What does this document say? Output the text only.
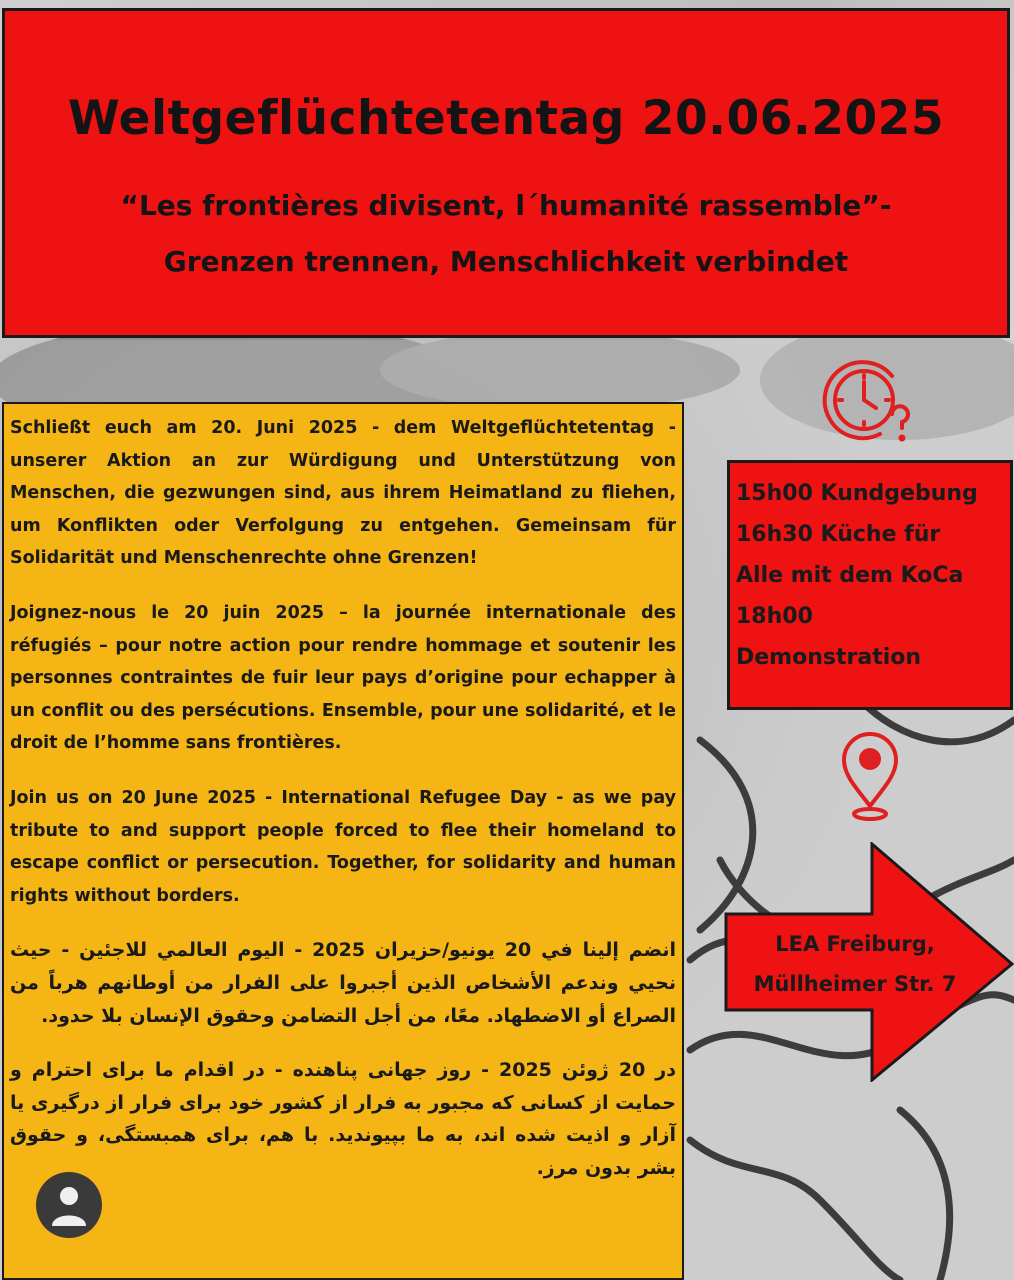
Weltgeflüchtetentag 20.06.2025
“Les frontières divisent, l´humanité rassemble”-
Grenzen trennen, Menschlichkeit verbindet
15h00 Kundgebung
16h30 Küche für
Alle mit dem KoCa
18h00
Demonstration
LEA Freiburg,
Müllheimer Str. 7

Schließt euch am 20. Juni 2025 - dem Weltgeflüchtetentag - unserer Aktion an zur Würdigung und Unterstützung von Menschen, die gezwungen sind, aus ihrem Heimatland zu fliehen, um Konflikten oder Verfolgung zu entgehen. Gemeinsam für Solidarität und Menschenrechte ohne Grenzen!

Joignez-nous le 20 juin 2025 – la journée internationale des réfugiés – pour notre action pour rendre hommage et soutenir les personnes contraintes de fuir leur pays d’origine pour echapper à un conflit ou des persécutions. Ensemble, pour une solidarité, et le droit de l’homme sans frontières.

Join us on 20 June 2025 - International Refugee Day - as we pay tribute to and support people forced to flee their homeland to escape conflict or persecution. Together, for solidarity and human rights without borders.

انضم إلينا في 20 يونيو/حزيران 2025 - اليوم العالمي للاجئين - حيث نحيي وندعم الأشخاص الذين أجبروا على الفرار من أوطانهم هرباً من الصراع أو الاضطهاد. معًا، من أجل التضامن وحقوق الإنسان بلا حدود.

در 20 ژوئن 2025 - روز جهانی پناهنده - در اقدام ما برای احترام و حمایت از کسانی که مجبور به فرار از کشور خود برای فرار از درگیری یا آزار و اذیت شده اند، به ما بپیوندید. با هم، برای همبستگی، و حقوق بشر بدون مرز.
